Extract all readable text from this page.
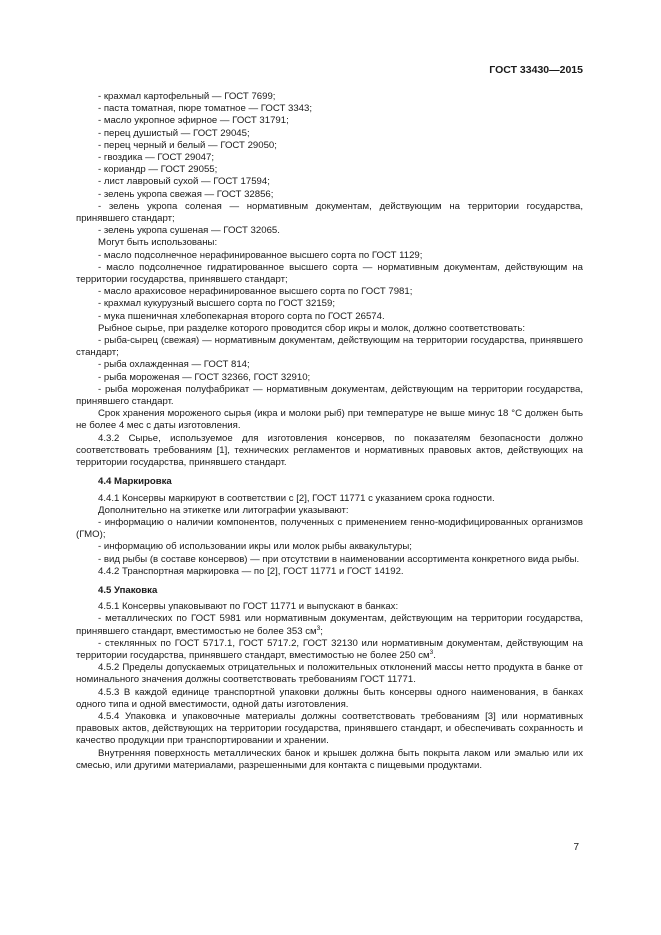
ГОСТ 33430—2015

- крахмал картофельный — ГОСТ 7699;

- паста томатная, пюре томатное — ГОСТ 3343;

- масло укропное эфирное — ГОСТ 31791;

- перец душистый — ГОСТ 29045;

- перец черный и белый — ГОСТ 29050;

- гвоздика — ГОСТ 29047;

- кориандр — ГОСТ 29055;

- лист лавровый сухой — ГОСТ 17594;

- зелень укропа свежая — ГОСТ 32856;

- зелень укропа соленая — нормативным документам, действующим на территории государства, принявшего стандарт;

- зелень укропа сушеная — ГОСТ 32065.

Могут быть использованы:

- масло подсолнечное нерафинированное высшего сорта по ГОСТ 1129;

- масло подсолнечное гидратированное высшего сорта — нормативным документам, действующим на территории государства, принявшего стандарт;

- масло арахисовое нерафинированное высшего сорта по ГОСТ 7981;

- крахмал кукурузный высшего сорта по ГОСТ 32159;

- мука пшеничная хлебопекарная второго сорта по ГОСТ 26574.

Рыбное сырье, при разделке которого проводится сбор икры и молок, должно соответствовать:

- рыба-сырец (свежая) — нормативным документам, действующим на территории государства, принявшего стандарт;

- рыба охлажденная — ГОСТ 814;

- рыба мороженая — ГОСТ 32366, ГОСТ 32910;

- рыба мороженая полуфабрикат — нормативным документам, действующим на территории государства, принявшего стандарт.

Срок хранения мороженого сырья (икра и молоки рыб) при температуре не выше минус 18 °С должен быть не более 4 мес с даты изготовления.

4.3.2 Сырье, используемое для изготовления консервов, по показателям безопасности должно соответствовать требованиям [1], технических регламентов и нормативных правовых актов, действующих на территории государства, принявшего стандарт.

4.4 Маркировка

4.4.1 Консервы маркируют в соответствии с [2], ГОСТ 11771 с указанием срока годности.

Дополнительно на этикетке или литографии указывают:

- информацию о наличии компонентов, полученных с применением генно-модифицированных организмов (ГМО);

- информацию об использовании икры или молок рыбы аквакультуры;

- вид рыбы (в составе консервов) — при отсутствии в наименовании ассортимента конкретного вида рыбы.

4.4.2 Транспортная маркировка — по [2], ГОСТ 11771 и ГОСТ 14192.

4.5 Упаковка

4.5.1 Консервы упаковывают по ГОСТ 11771 и выпускают в банках:

- металлических по ГОСТ 5981 или нормативным документам, действующим на территории государства, принявшего стандарт, вместимостью не более 353 $см^3$;

- стеклянных по ГОСТ 5717.1, ГОСТ 5717.2, ГОСТ 32130 или нормативным документам, действующим на территории государства, принявшего стандарт, вместимостью не более 250 $см^3$.

4.5.2 Пределы допускаемых отрицательных и положительных отклонений массы нетто продукта в банке от номинального значения должны соответствовать требованиям ГОСТ 11771.

4.5.3 В каждой единице транспортной упаковки должны быть консервы одного наименования, в банках одного типа и одной вместимости, одной даты изготовления.

4.5.4 Упаковка и упаковочные материалы должны соответствовать требованиям [3] или нормативных правовых актов, действующих на территории государства, принявшего стандарт, и обеспечивать сохранность и качество продукции при транспортировании и хранении.

Внутренняя поверхность металлических банок и крышек должна быть покрыта лаком или эмалью или их смесью, или другими материалами, разрешенными для контакта с пищевыми продуктами.

7
